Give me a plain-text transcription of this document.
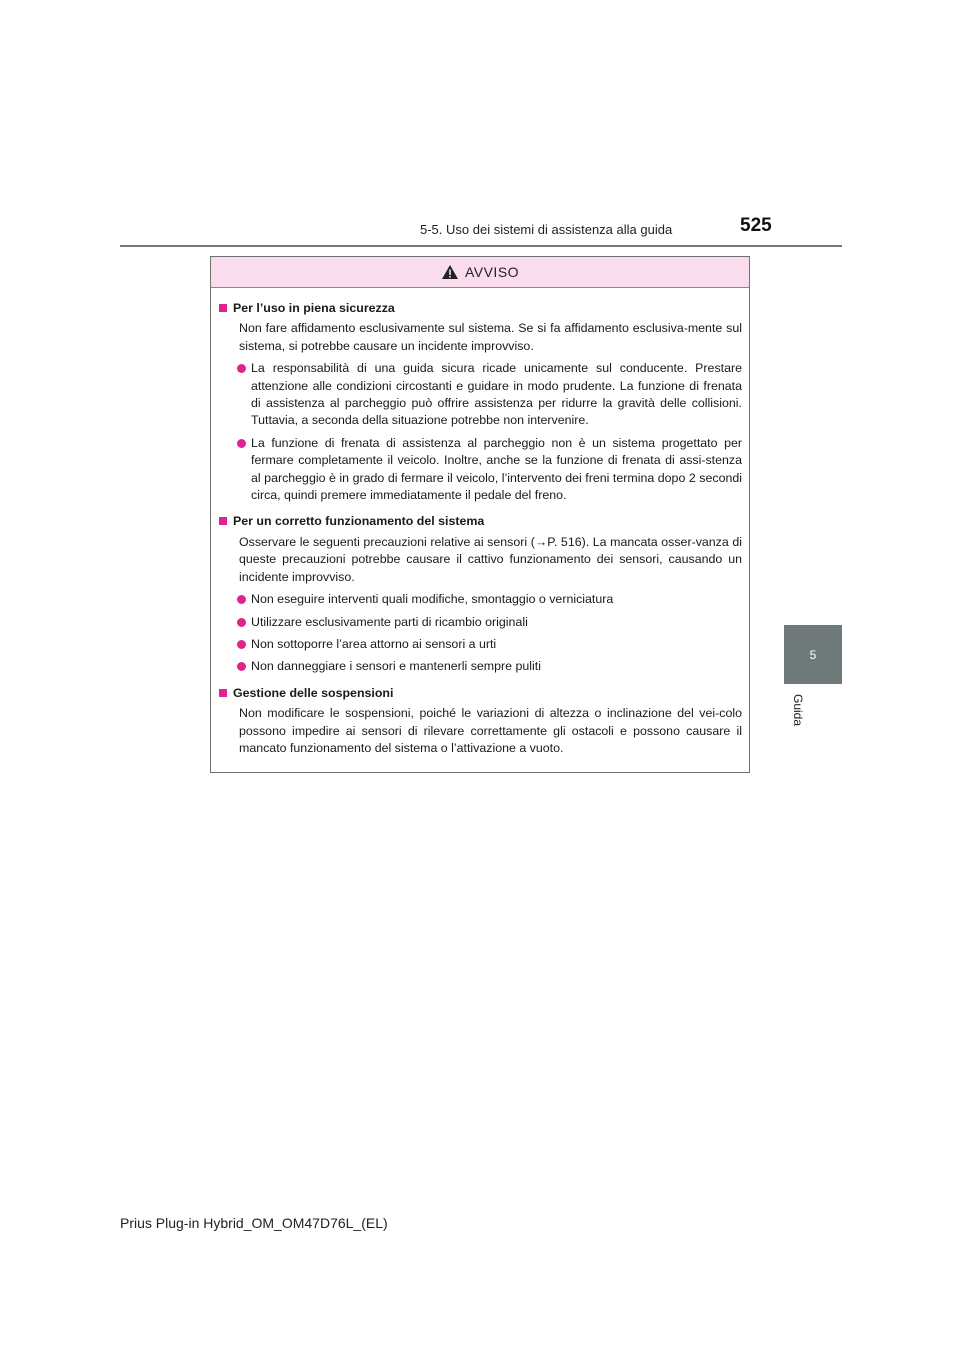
5-5. Uso dei sistemi di assistenza alla guida	525
5
Guida
AVVISO
Per l’uso in piena sicurezza
Non fare affidamento esclusivamente sul sistema. Se si fa affidamento esclusiva-mente sul sistema, si potrebbe causare un incidente improvviso.
La responsabilità di una guida sicura ricade unicamente sul conducente. Prestare attenzione alle condizioni circostanti e guidare in modo prudente. La funzione di frenata di assistenza al parcheggio può offrire assistenza per ridurre la gravità delle collisioni. Tuttavia, a seconda della situazione potrebbe non intervenire.
La funzione di frenata di assistenza al parcheggio non è un sistema progettato per fermare completamente il veicolo. Inoltre, anche se la funzione di frenata di assi-stenza al parcheggio è in grado di fermare il veicolo, l’intervento dei freni termina dopo 2 secondi circa, quindi premere immediatamente il pedale del freno.
Per un corretto funzionamento del sistema
Osservare le seguenti precauzioni relative ai sensori (→P. 516). La mancata osser-vanza di queste precauzioni potrebbe causare il cattivo funzionamento dei sensori, causando un incidente improvviso.
Non eseguire interventi quali modifiche, smontaggio o verniciatura
Utilizzare esclusivamente parti di ricambio originali
Non sottoporre l’area attorno ai sensori a urti
Non danneggiare i sensori e mantenerli sempre puliti
Gestione delle sospensioni
Non modificare le sospensioni, poiché le variazioni di altezza o inclinazione del vei-colo possono impedire ai sensori di rilevare correttamente gli ostacoli e possono causare il mancato funzionamento del sistema o l’attivazione a vuoto.
Prius Plug-in Hybrid_OM_OM47D76L_(EL)
